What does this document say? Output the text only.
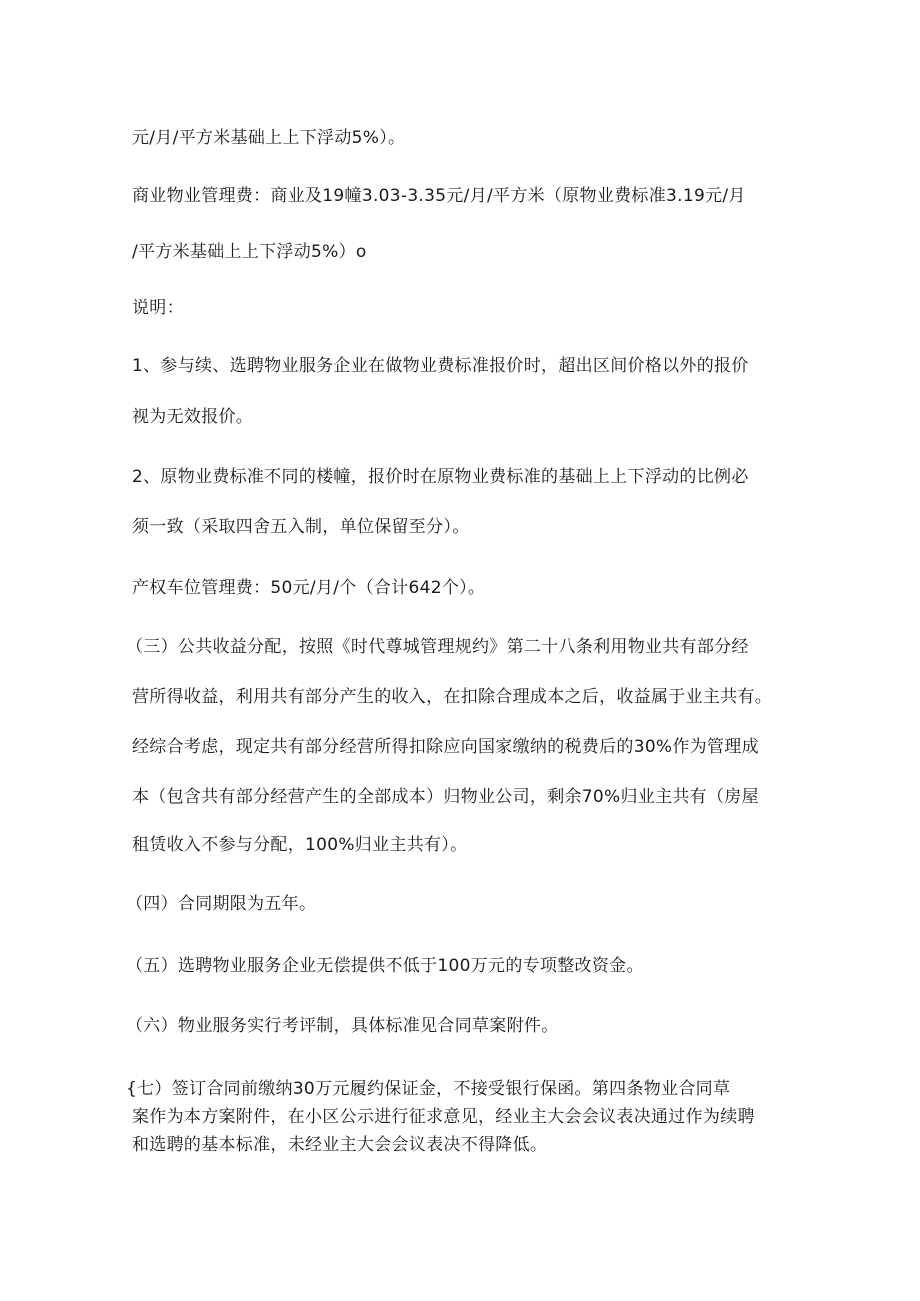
元/月/平方米基础上上下浮动5%）。
商业物业管理费：商业及19幢3.03-3.35元/月/平方米（原物业费标准3.19元/月
/平方米基础上上下浮动5%）o
说明：
1、参与续、选聘物业服务企业在做物业费标准报价时，超出区间价格以外的报价
视为无效报价。
2、原物业费标准不同的楼幢，报价时在原物业费标准的基础上上下浮动的比例必
须一致（采取四舍五入制，单位保留至分）。
产权车位管理费：50元/月/个（合计642个）。
（三）公共收益分配，按照《时代尊城管理规约》第二十八条利用物业共有部分经
营所得收益，利用共有部分产生的收入，在扣除合理成本之后，收益属于业主共有。
经综合考虑，现定共有部分经营所得扣除应向国家缴纳的税费后的30%作为管理成
本（包含共有部分经营产生的全部成本）归物业公司，剩余70%归业主共有（房屋
租赁收入不参与分配，100%归业主共有）。
（四）合同期限为五年。
（五）选聘物业服务企业无偿提供不低于100万元的专项整改资金。
（六）物业服务实行考评制，具体标准见合同草案附件。
{七）签订合同前缴纳30万元履约保证金，不接受银行保函。第四条物业合同草
案作为本方案附件，在小区公示进行征求意见，经业主大会会议表决通过作为续聘
和选聘的基本标准，未经业主大会会议表决不得降低。
